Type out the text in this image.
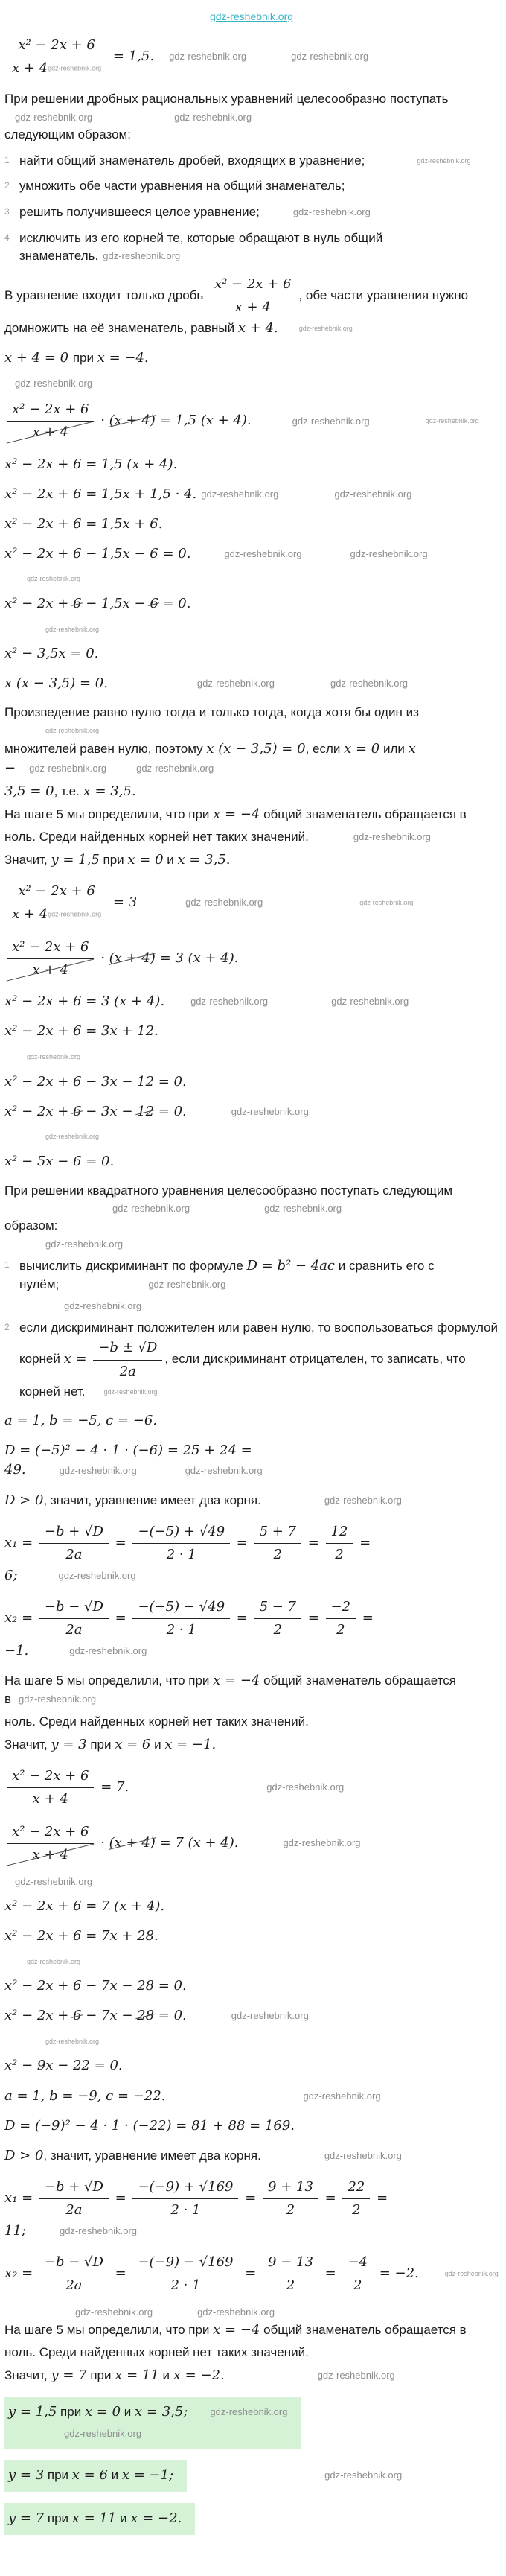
gdz-reshebnik.org
$\frac{\text{x² − 2x + 6}}{\text{x + 4gdz-reshebnik.org}} = 1,5$. gdz-reshebnik.org	gdz-reshebnik.org
При решении дробных рациональных уравнений целесообразно поступать
gdz-reshebnik.org	gdz-reshebnik.org
следующим образом:
1 найти общий знаменатель дробей, входящих в уравнение;	gdz-reshebnik.org
2 умножить обе части уравнения на общий знаменатель;
3 решить получившееся целое уравнение;	gdz-reshebnik.org
4 исключить из его корней те, которые обращают в нуль общий знаменатель. gdz-reshebnik.org
В уравнение входит только дробь $\frac{\text{x² − 2x + 6}}{x + 4}$ , обе части уравнения нужно домножить на её знаменатель, равный x + 4.	gdz-reshebnik.org
x + 4 = 0 при x = −4.
gdz-reshebnik.org
$\frac{\text{x² − 2x + 6}}{x + 4} \cdot (x + 4) = 1,5$ (x + 4).	gdz-reshebnik.org	gdz-reshebnik.org
x² − 2x + 6 = 1,5 (x + 4).
x² − 2x + 6 = 1,5x + 1,5 · 4. gdz-reshebnik.org	gdz-reshebnik.org
x² − 2x + 6 = 1,5x + 6.
x² − 2x + 6 − 1,5x − 6 = 0.	gdz-reshebnik.org	gdz-reshebnik.org
gdz-reshebnik.org
x² − 2x + 6 − 1,5x − 6 = 0.
gdz-reshebnik.org
x² − 3,5x = 0.
x (x − 3,5) = 0.	gdz-reshebnik.org	gdz-reshebnik.org
Произведение равно нулю тогда и только тогда, когда хотя бы один из
gdz-reshebnik.org
множителей равен нулю, поэтому x (x − 3,5) = 0, если x = 0 или x − gdz-reshebnik.org	gdz-reshebnik.org
3,5 = 0, т.е. x = 3,5.
На шаге 5 мы определили, что при x = −4 общий знаменатель обращается в
ноль. Среди найденных корней нет таких значений.	gdz-reshebnik.org
Значит, y = 1,5 при x = 0 и x = 3,5.
$\frac{\text{x² − 2x + 6}}{\text{x + 4gdz-reshebnik.org}} = 3$	gdz-reshebnik.org	gdz-reshebnik.org
$\frac{\text{x² − 2x + 6}}{x + 4} \cdot (x + 4) = 3$ (x + 4).
x² − 2x + 6 = 3 (x + 4).	gdz-reshebnik.org	gdz-reshebnik.org
x² − 2x + 6 = 3x + 12.
gdz-reshebnik.org
x² − 2x + 6 − 3x − 12 = 0.
x² − 2x + 6 − 3x − 12 = 0.	gdz-reshebnik.org
gdz-reshebnik.org
x² − 5x − 6 = 0.
При решении квадратного уравнения целесообразно поступать следующим
gdz-reshebnik.org	gdz-reshebnik.org
образом:
gdz-reshebnik.org
1 вычислить дискриминант по формуле D = b² − 4ac и сравнить его с нулём;	gdz-reshebnik.org
gdz-reshebnik.org
2 если дискриминант положителен или равен нулю, то воспользоваться формулой корней $x = \frac{-b \pm √D}{2a}$ , если дискриминант отрицателен, то записать, что корней нет.	gdz-reshebnik.org
a = 1, b = −5, c = −6.
D = (−5)² − 4 · 1 · (−6) = 25 + 24 = 49.	gdz-reshebnik.org	gdz-reshebnik.org
D > 0, значит, уравнение имеет два корня.	gdz-reshebnik.org
$x_1 = \frac{-b + √D}{2a} = \frac{-(-5) + √49}{2 \cdot 1} = \frac{5 + 7}{2} = \frac{12}{2} = 6$;	gdz-reshebnik.org
$x_2 = \frac{-b - √D}{2a} = \frac{-(-5) - √49}{2 \cdot 1} = \frac{5 - 7}{2} = \frac{-2}{2} = -1$.	gdz-reshebnik.org
На шаге 5 мы определили, что при x = −4 общий знаменатель обращается в gdz-reshebnik.org
ноль. Среди найденных корней нет таких значений.
Значит, y = 3 при x = 6 и x = −1.
$\frac{\text{x² − 2x + 6}}{x + 4} = 7$.	gdz-reshebnik.org
$\frac{\text{x² − 2x + 6}}{x + 4} \cdot (x + 4) = 7$ (x + 4).	gdz-reshebnik.org
gdz-reshebnik.org
x² − 2x + 6 = 7 (x + 4).
x² − 2x + 6 = 7x + 28.
gdz-reshebnik.org
x² − 2x + 6 − 7x − 28 = 0.
x² − 2x + 6 − 7x − 28 = 0.	gdz-reshebnik.org
gdz-reshebnik.org
x² − 9x − 22 = 0.
a = 1, b = −9, c = −22.	gdz-reshebnik.org
D = (−9)² − 4 · 1 · (−22) = 81 + 88 = 169.
D > 0, значит, уравнение имеет два корня.	gdz-reshebnik.org
$x_1 = \frac{-b + √D}{2a} = \frac{-(-9) + √169}{2 \cdot 1} = \frac{9 + 13}{2} = \frac{22}{2} = 11$;	gdz-reshebnik.org
$x_2 = \frac{-b - √D}{2a} = \frac{-(-9) - √169}{2 \cdot 1} = \frac{9 - 13}{2} = \frac{-4}{2} = -2$.	gdz-reshebnik.org
gdz-reshebnik.org	gdz-reshebnik.org
На шаге 5 мы определили, что при x = −4 общий знаменатель обращается в
ноль. Среди найденных корней нет таких значений.
Значит, y = 7 при x = 11 и x = −2.	gdz-reshebnik.org
y = 1,5 при x = 0 и x = 3,5; gdz-reshebnik.org
gdz-reshebnik.org
y = 3 при x = 6 и x = −1;	gdz-reshebnik.org
y = 7 при x = 11 и x = −2.
